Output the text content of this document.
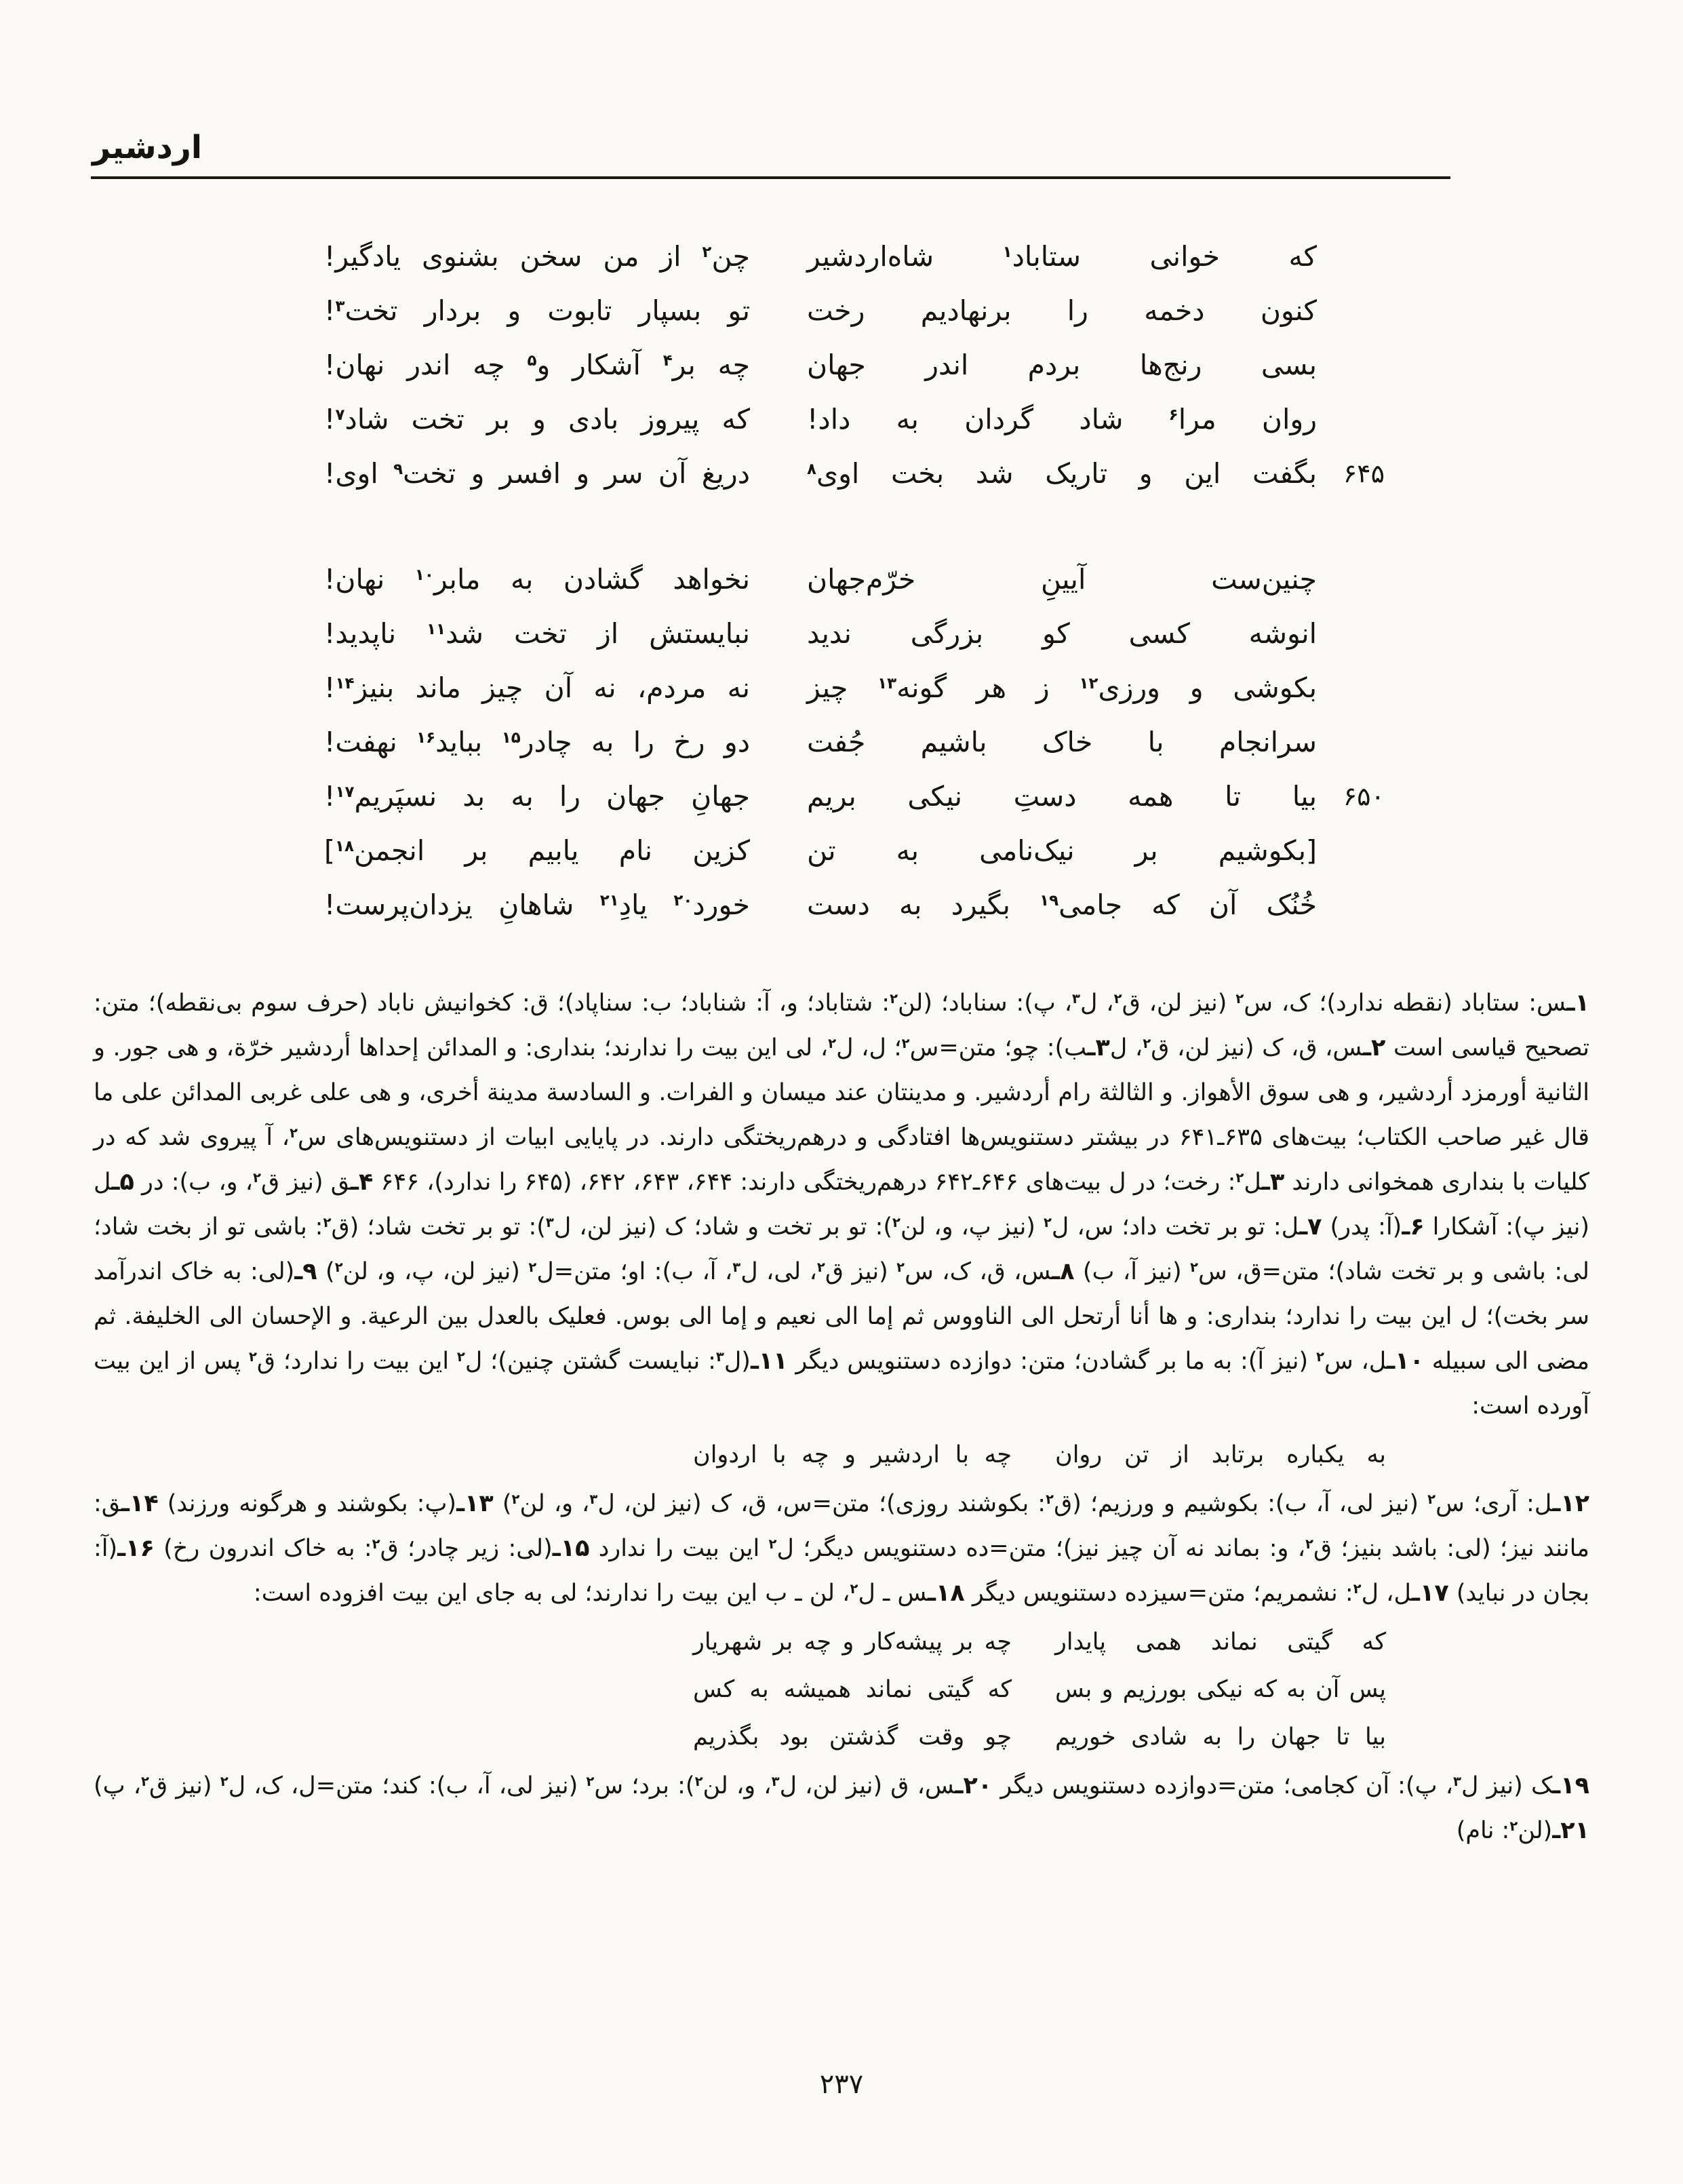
اردشیر
که خوانی ستاباد$^۱$ شاه‌اردشیر
چن$^۲$ از من سخن بشنوی یادگیر!
کنون دخمه را برنهادیم رخت
تو بسپار تابوت و بردار تخت$^۳$!
بسی رنج‌ها بردم اندر جهان
چه بر$^۴$ آشکار و$^۵$ چه اندر نهان!
روان مرا$^۶$ شاد گردان به داد!
که پیروز بادی و بر تخت شاد$^۷$!
۶۴۵
بگفت این و تاریک شد بخت اوی$^۸$
دریغ آن سر و افسر و تخت$^۹$ اوی!
چنین‌ست آیینِ خرّم‌جهان
نخواهد گشادن به مابر$^{۱۰}$ نهان!
انوشه کسی کو بزرگی ندید
نبایستش از تخت شد$^{۱۱}$ ناپدید!
بکوشی و ورزی$^{۱۲}$ ز هر گونه$^{۱۳}$ چیز
نه مردم، نه آن چیز ماند بنیز$^{۱۴}$!
سرانجام با خاک باشیم جُفت
دو رخ را به چادر$^{۱۵}$ بباید$^{۱۶}$ نهفت!
۶۵۰
بیا تا همه دستِ نیکی بریم
جهانِ جهان را به بد نسپَریم$^{۱۷}$!
[بکوشیم بر نیک‌نامی به تن
کزین نام یابیم بر انجمن$^{۱۸}$]
خُنُک آن که جامی$^{۱۹}$ بگیرد به دست
خورد$^{۲۰}$ یادِ$^{۲۱}$ شاهانِ یزدان‌پرست!
۱ـس: ستاباد (نقطه ندارد)؛ ک، س$^۲$ (نیز لن، ق$^۲$، ل$^۳$، پ): سناباد؛ (لن$^۲$: شتاباد؛ و، آ: شناباد؛ ب: سناپاد)؛ ق: کخوانیش ناباد (حرف سوم بی‌نقطه)؛ متن: تصحیح قیاسی است ۲ـس، ق، ک (نیز لن، ق$^۲$، ل۳ـب): چو؛ متن=س$^۲$؛ ل، ل$^۲$، لی این بیت را ندارند؛ بنداری: و المدائن إحداها أردشیر خرّة، و هی جور. و الثانیة أورمزد أردشیر، و هی سوق الأهواز. و الثالثة رام أردشیر. و مدینتان عند میسان و الفرات. و السادسة مدینة أخری، و هی علی غربی المدائن علی ما قال غیر صاحب الکتاب؛ بیت‌های ۶۳۵ـ۶۴۱ در بیشتر دستنویس‌ها افتادگی و درهم‌ریختگی دارند. در پایایی ابیات از دستنویس‌های س$^۲$، آ پیروی شد که در کلیات با بنداری همخوانی دارند ۳ـل$^۲$: رخت؛ در ل بیت‌های ۶۴۶ـ۶۴۲ درهم‌ریختگی دارند: ۶۴۴، ۶۴۳، ۶۴۲، (۶۴۵ را ندارد)، ۶۴۶ ۴ـق (نیز ق$^۲$، و، ب): در ۵ـل (نیز پ): آشکارا ۶ـ(آ: پدر) ۷ـل: تو بر تخت داد؛ س، ل$^۲$ (نیز پ، و، لن$^۲$): تو بر تخت و شاد؛ ک (نیز لن، ل$^۳$): تو بر تخت شاد؛ (ق$^۲$: باشی تو از بخت شاد؛ لی: باشی و بر تخت شاد)؛ متن=ق، س$^۲$ (نیز آ، ب) ۸ـس، ق، ک، س$^۲$ (نیز ق$^۲$، لی، ل$^۳$، آ، ب): او؛ متن=ل$^۲$ (نیز لن، پ، و، لن$^۲$) ۹ـ(لی: به خاک اندرآمد سر بخت)؛ ل این بیت را ندارد؛ بنداری: و ها أنا أرتحل الی الناووس ثم إما الی نعیم و إما الی بوس. فعلیک بالعدل بین الرعیة. و الإحسان الی الخلیفة. ثم مضی الی سبیله ۱۰ـل، س$^۲$ (نیز آ): به ما بر گشادن؛ متن: دوازده دستنویس دیگر ۱۱ـ(ل$^۳$: نبایست گشتن چنین)؛ ل$^۲$ این بیت را ندارد؛ ق$^۲$ پس از این بیت آورده است:
به یکباره برتابد از تن روان
چه با اردشیر و چه با اردوان
۱۲ـل: آری؛ س$^۲$ (نیز لی، آ، ب): بکوشیم و ورزیم؛ (ق$^۲$: بکوشند روزی)؛ متن=س، ق، ک (نیز لن، ل$^۳$، و، لن$^۲$) ۱۳ـ(پ: بکوشند و هرگونه ورزند) ۱۴ـق: مانند نیز؛ (لی: باشد بنیز؛ ق$^۲$، و: بماند نه آن چیز نیز)؛ متن=ده دستنویس دیگر؛ ل$^۲$ این بیت را ندارد ۱۵ـ(لی: زیر چادر؛ ق$^۲$: به خاک اندرون رخ) ۱۶ـ(آ: بجان در نباید) ۱۷ـل، ل$^۲$: نشمریم؛ متن=سیزده دستنویس دیگر ۱۸ـس ـ ل$^۲$، لن ـ ب این بیت را ندارند؛ لی به جای این بیت افزوده است:
که گیتی نماند همی پایدار
چه بر پیشه‌کار و چه بر شهریار
پس آن به که نیکی بورزیم و بس
که گیتی نماند همیشه به کس
بیا تا جهان را به شادی خوریم
چو وقت گذشتن بود بگذریم
۱۹ـک (نیز ل$^۳$، پ): آن کجامی؛ متن=دوازده دستنویس دیگر ۲۰ـس، ق (نیز لن، ل$^۳$، و، لن$^۲$): برد؛ س$^۲$ (نیز لی، آ، ب): کند؛ متن=ل، ک، ل$^۲$ (نیز ق$^۲$، پ) ۲۱ـ(لن$^۲$: نام)
۲۳۷
